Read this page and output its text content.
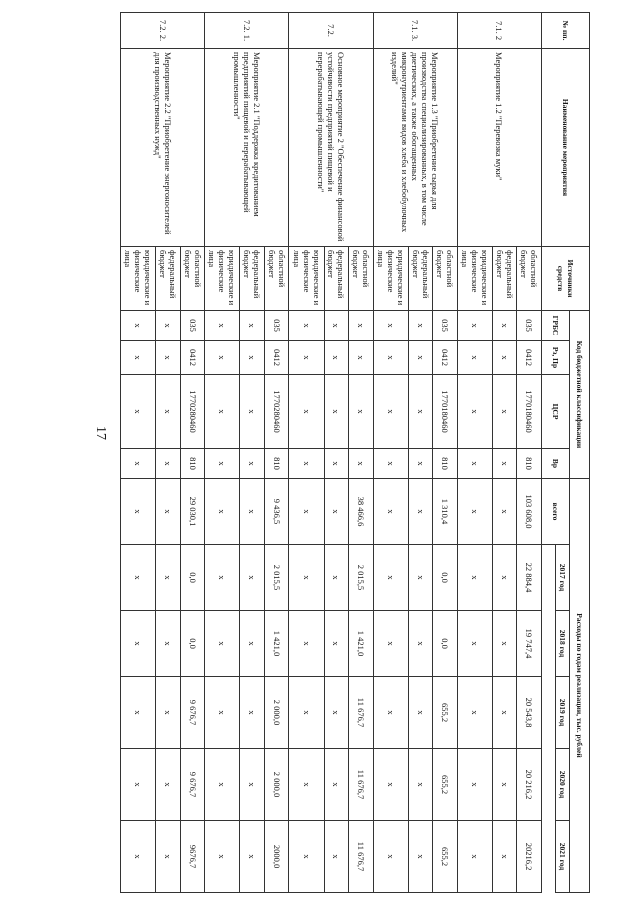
17
№ пп.	Наименование мероприятия	Источники средств	Код бюджетной классификации				Расходы по годам реализации, тыс. рублей					
			ГРБС	Рз, Пр	ЦСР	Вр	всего	2017 год	2018 год	2019 год	2020 год	2021 год

7.1. 2	Мероприятие 1.2 "Перевозка муки"	областной бюджет	035	0412	1770180460	810	103 608,0	22 884,4	19 747,4	20 543,8	20 216,2	20216,2
		федеральный бюджет	х	х	х	х	х	х	х	х	х	х
		юридические и физические лица	х	х	х	х	х	х	х	х	х	х
7.1. 3.	Мероприятие 1.3 "Приобретение сырья для производства специализированных, в том числе диетических, а также обогащенных микронутриентами видов хлеба и хлебобулочных изделий"	областной бюджет	035	0412	1770180460	810	1 310,4	0,0	0,0	655,2	655,2	655,2
		федеральный бюджет	х	х	х	х	х	х	х	х	х	х
		юридические и физические лица	х	х	х	х	х	х	х	х	х	х
7.2.	Основное мероприятие 2 "Обеспечение финансовой устойчивости предприятий пищевой и перерабатывающей промышленности"	областной бюджет	х	х	х	х	38 466,6	2 015,5	1 421,0	11 676,7	11 676,7	11 676,7
		федеральный бюджет	х	х	х	х	х	х	х	х	х	х
		юридические и физические лица	х	х	х	х	х	х	х	х	х	х
7.2. 1.	Мероприятие 2.1 "Поддержка кредитованием предприятий пищевой и перерабатывающей промышленности"	областной бюджет	035	0412	1770280460	810	9 436,5	2 015,5	1 421,0	2 000,0	2 000,0	2000,0
		федеральный бюджет	х	х	х	х	х	х	х	х	х	х
		юридические и физические лица	х	х	х	х	х	х	х	х	х	х
7.2. 2.	Мероприятие 2.2 "Приобретение энергоносителей для производственных нужд"	областной бюджет	035	0412	1770280460	810	29 030,1	0,0	0,0	9 676,7	9 676,7	9676,7
		федеральный бюджет	х	х	х	х	х	х	х	х	х	х
		юридические и физические лица	х	х	х	х	х	х	х	х	х	х
